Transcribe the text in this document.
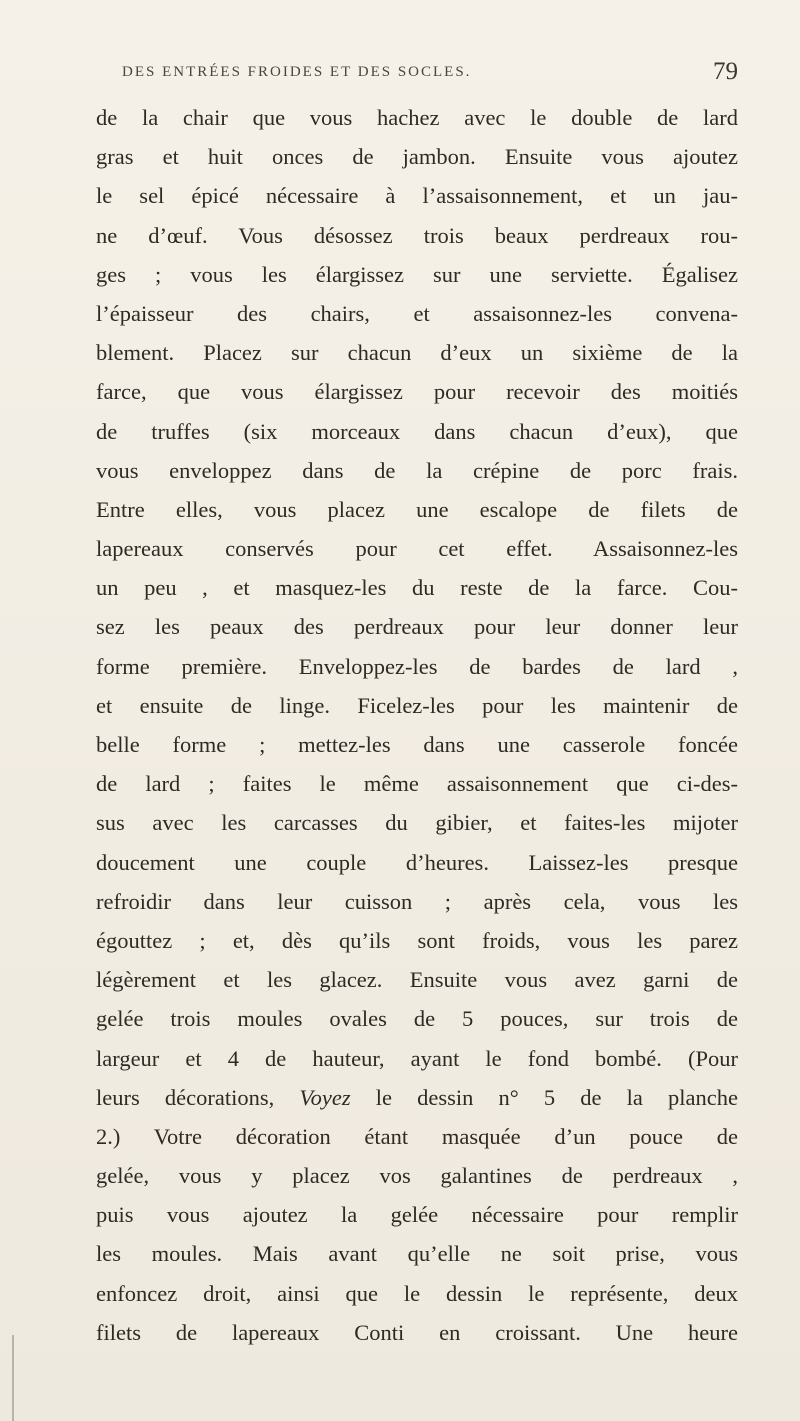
DES ENTRÉES FROIDES ET DES SOCLES.	79
de la chair que vous hachez avec le double de lard
gras et huit onces de jambon. Ensuite vous ajoutez
le sel épicé nécessaire à l’assaisonnement, et un jau-
ne d’œuf. Vous désossez trois beaux perdreaux rou-
ges ; vous les élargissez sur une serviette. Égalisez
l’épaisseur des chairs, et assaisonnez-les convena-
blement. Placez sur chacun d’eux un sixième de la
farce, que vous élargissez pour recevoir des moitiés
de truffes (six morceaux dans chacun d’eux), que
vous enveloppez dans de la crépine de porc frais.
Entre elles, vous placez une escalope de filets de
lapereaux conservés pour cet effet. Assaisonnez-les
un peu , et masquez-les du reste de la farce. Cou-
sez les peaux des perdreaux pour leur donner leur
forme première. Enveloppez-les de bardes de lard ,
et ensuite de linge. Ficelez-les pour les maintenir de
belle forme ; mettez-les dans une casserole foncée
de lard ; faites le même assaisonnement que ci-des-
sus avec les carcasses du gibier, et faites-les mijoter
doucement une couple d’heures. Laissez-les presque
refroidir dans leur cuisson ; après cela, vous les
égouttez ; et, dès qu’ils sont froids, vous les parez
légèrement et les glacez. Ensuite vous avez garni de
gelée trois moules ovales de 5 pouces, sur trois de
largeur et 4 de hauteur, ayant le fond bombé. (Pour
leurs décorations, Voyez le dessin n° 5 de la planche
2.) Votre décoration étant masquée d’un pouce de
gelée, vous y placez vos galantines de perdreaux ,
puis vous ajoutez la gelée nécessaire pour remplir
les moules. Mais avant qu’elle ne soit prise, vous
enfoncez droit, ainsi que le dessin le représente, deux
filets de lapereaux Conti en croissant. Une heure
